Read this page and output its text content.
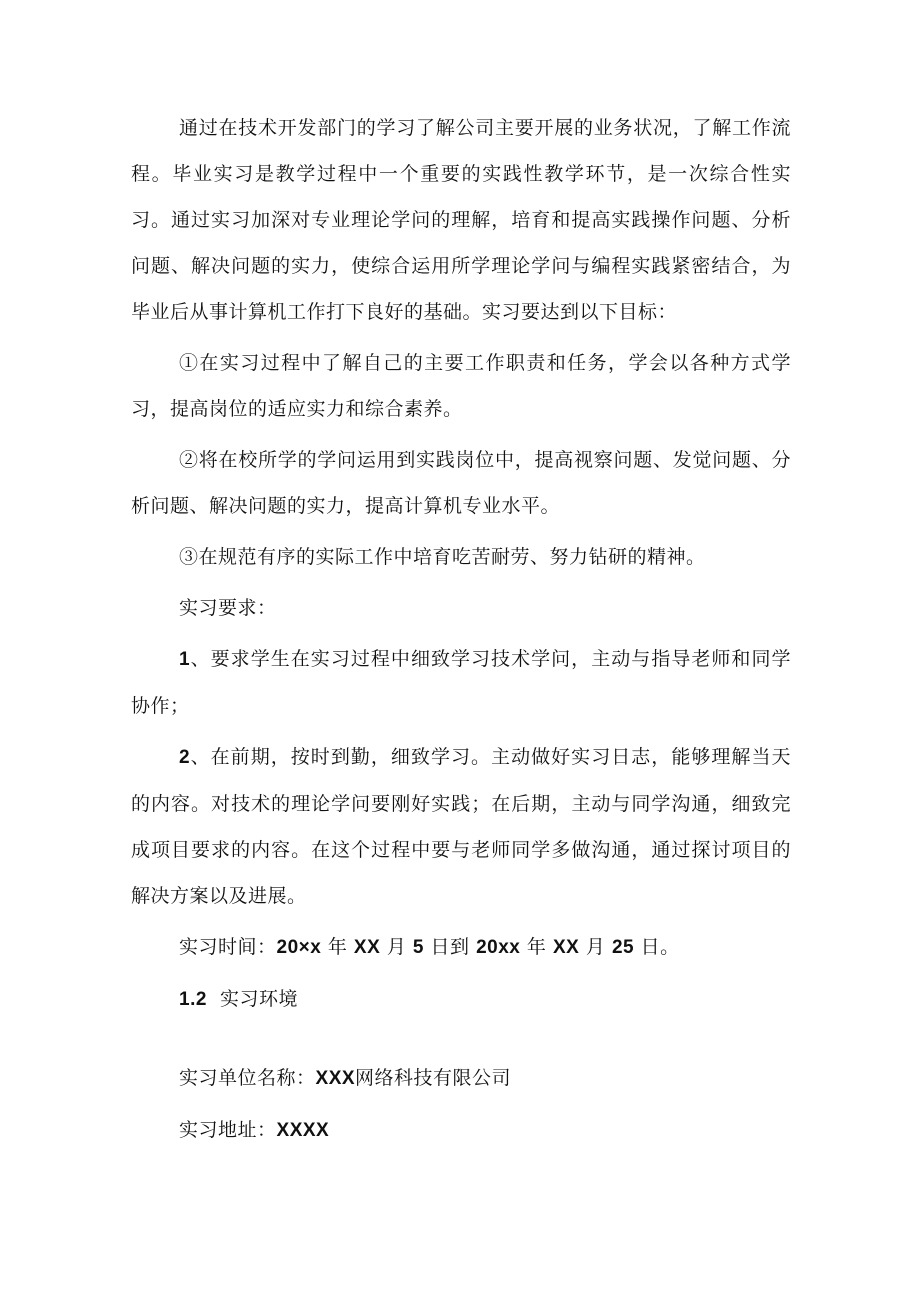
通过在技术开发部门的学习了解公司主要开展的业务状况，了解工作流程。毕业实习是教学过程中一个重要的实践性教学环节，是一次综合性实习。通过实习加深对专业理论学问的理解，培育和提高实践操作问题、分析问题、解决问题的实力，使综合运用所学理论学问与编程实践紧密结合，为毕业后从事计算机工作打下良好的基础。实习要达到以下目标：

①在实习过程中了解自己的主要工作职责和任务，学会以各种方式学习，提高岗位的适应实力和综合素养。

②将在校所学的学问运用到实践岗位中，提高视察问题、发觉问题、分析问题、解决问题的实力，提高计算机专业水平。

③在规范有序的实际工作中培育吃苦耐劳、努力钻研的精神。

实习要求：

1、要求学生在实习过程中细致学习技术学问，主动与指导老师和同学协作；

2、在前期，按时到勤，细致学习。主动做好实习日志，能够理解当天的内容。对技术的理论学问要刚好实践；在后期，主动与同学沟通，细致完成项目要求的内容。在这个过程中要与老师同学多做沟通，通过探讨项目的解决方案以及进展。

实习时间：20×x 年 XX 月 5 日到 20xx 年 XX 月 25 日。

1.2 实习环境

实习单位名称：XXX网络科技有限公司

实习地址：XXXX
